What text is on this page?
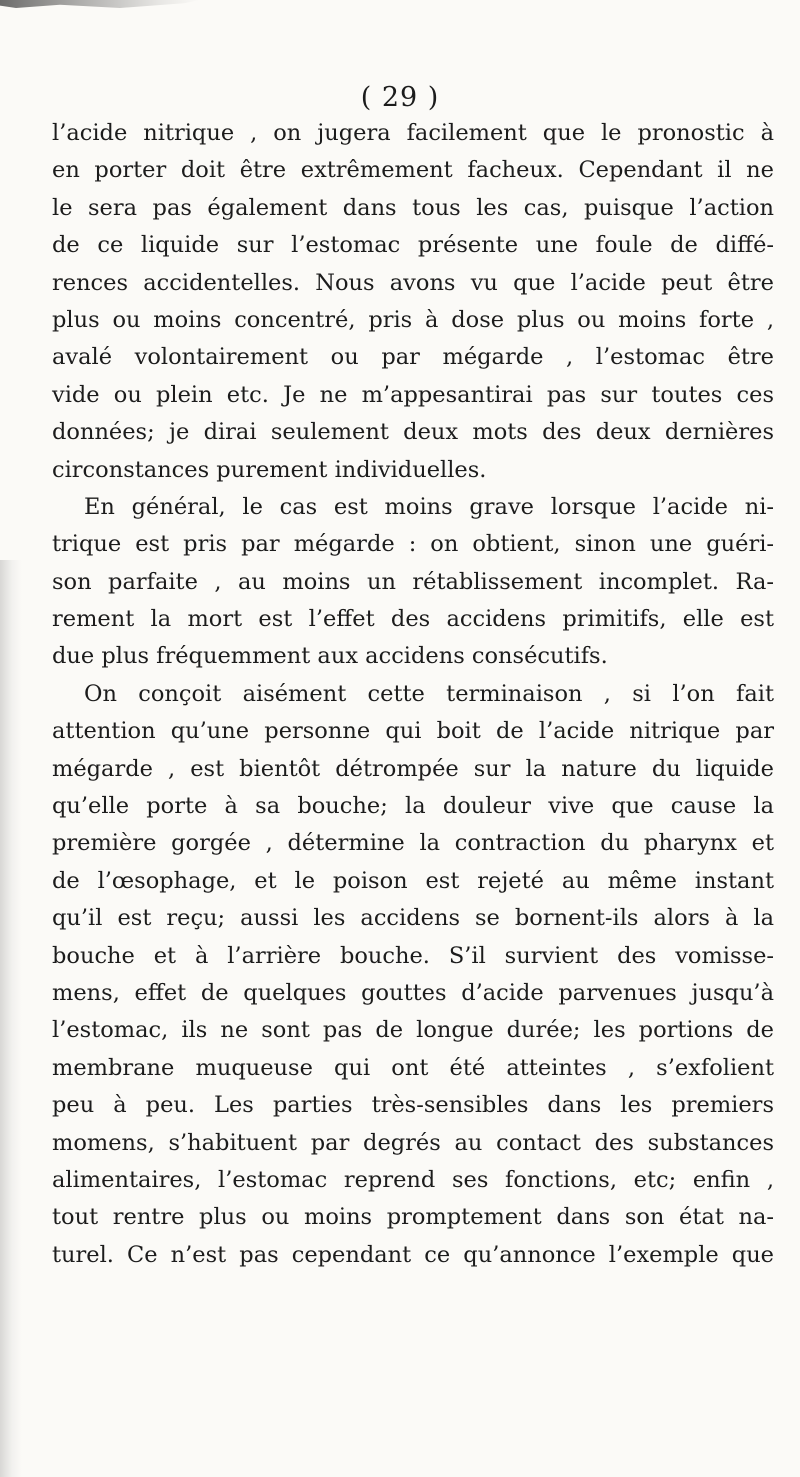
( 29 )
l’acide nitrique , on jugera facilement que le pronostic à
en porter doit être extrêmement facheux. Cependant il ne
le sera pas également dans tous les cas, puisque l’action
de ce liquide sur l’estomac présente une foule de diffé-
rences accidentelles. Nous avons vu que l’acide peut être
plus ou moins concentré, pris à dose plus ou moins forte ,
avalé volontairement ou par mégarde , l’estomac être
vide ou plein etc. Je ne m’appesantirai pas sur toutes ces
données; je dirai seulement deux mots des deux dernières
circonstances purement individuelles.
En général, le cas est moins grave lorsque l’acide ni-
trique est pris par mégarde : on obtient, sinon une guéri-
son parfaite , au moins un rétablissement incomplet. Ra-
rement la mort est l’effet des accidens primitifs, elle est
due plus fréquemment aux accidens consécutifs.
On conçoit aisément cette terminaison , si l’on fait
attention qu’une personne qui boit de l’acide nitrique par
mégarde , est bientôt détrompée sur la nature du liquide
qu’elle porte à sa bouche; la douleur vive que cause la
première gorgée , détermine la contraction du pharynx et
de l’œsophage, et le poison est rejeté au même instant
qu’il est reçu; aussi les accidens se bornent-ils alors à la
bouche et à l’arrière bouche. S’il survient des vomisse-
mens, effet de quelques gouttes d’acide parvenues jusqu’à
l’estomac, ils ne sont pas de longue durée; les portions de
membrane muqueuse qui ont été atteintes , s’exfolient
peu à peu. Les parties très-sensibles dans les premiers
momens, s’habituent par degrés au contact des substances
alimentaires, l’estomac reprend ses fonctions, etc; enfin ,
tout rentre plus ou moins promptement dans son état na-
turel. Ce n’est pas cependant ce qu’annonce l’exemple que
